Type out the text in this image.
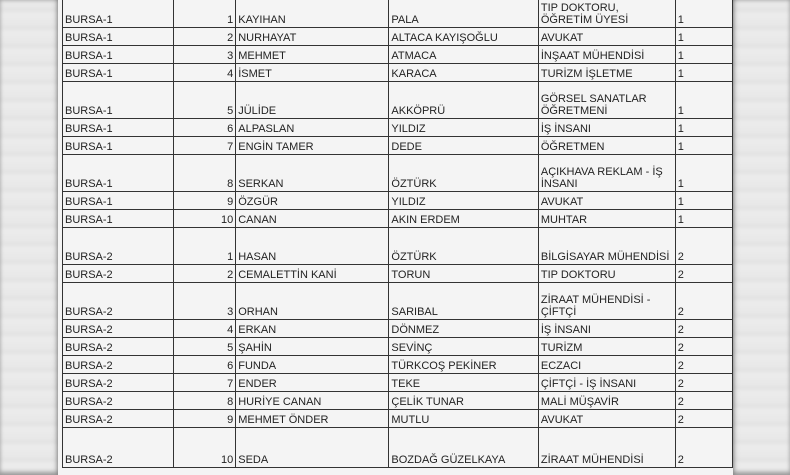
BURSA-1	1	KAYIHAN	PALA	TIP DOKTORU, ÖĞRETİM ÜYESİ	1
BURSA-1	2	NURHAYAT	ALTACA KAYIŞOĞLU	AVUKAT	1
BURSA-1	3	MEHMET	ATMACA	İNŞAAT MÜHENDİSİ	1
BURSA-1	4	İSMET	KARACA	TURİZM İŞLETME	1
BURSA-1	5	JÜLİDE	AKKÖPRÜ	GÖRSEL SANATLAR ÖĞRETMENİ	1
BURSA-1	6	ALPASLAN	YILDIZ	İŞ İNSANI	1
BURSA-1	7	ENGİN TAMER	DEDE	ÖĞRETMEN	1
BURSA-1	8	SERKAN	ÖZTÜRK	AÇIKHAVA REKLAM - İŞ İNSANI	1
BURSA-1	9	ÖZGÜR	YILDIZ	AVUKAT	1
BURSA-1	10	CANAN	AKIN ERDEM	MUHTAR	1
BURSA-2	1	HASAN	ÖZTÜRK	BİLGİSAYAR MÜHENDİSİ	2
BURSA-2	2	CEMALETTİN KANİ	TORUN	TIP DOKTORU	2
BURSA-2	3	ORHAN	SARIBAL	ZİRAAT MÜHENDİSİ - ÇİFTÇİ	2
BURSA-2	4	ERKAN	DÖNMEZ	İŞ İNSANI	2
BURSA-2	5	ŞAHİN	SEVİNÇ	TURİZM	2
BURSA-2	6	FUNDA	TÜRKCOŞ PEKİNER	ECZACI	2
BURSA-2	7	ENDER	TEKE	ÇİFTÇİ - İŞ İNSANI	2
BURSA-2	8	HURİYE CANAN	ÇELİK TUNAR	MALİ MÜŞAVİR	2
BURSA-2	9	MEHMET ÖNDER	MUTLU	AVUKAT	2
BURSA-2	10	SEDA	BOZDAĞ GÜZELKAYA	ZİRAAT MÜHENDİSİ	2
